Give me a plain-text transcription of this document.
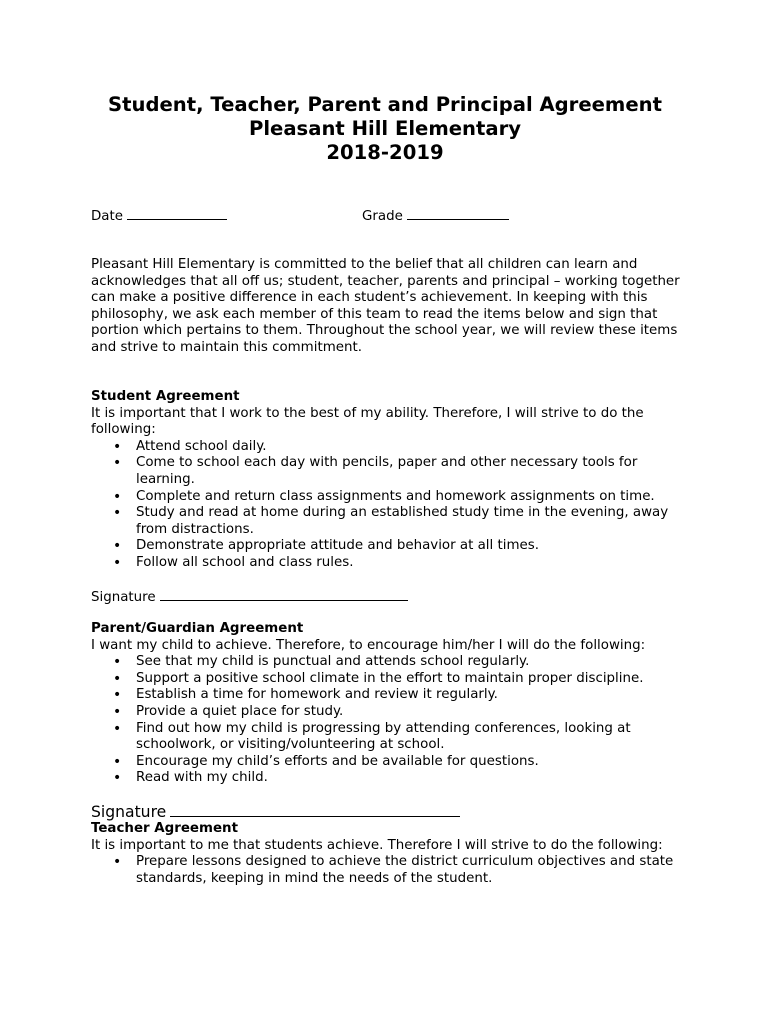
Student, Teacher, Parent and Principal Agreement
Pleasant Hill Elementary
2018-2019
Date	Grade
Pleasant Hill Elementary is committed to the belief that all children can learn and acknowledges that all off us; student, teacher, parents and principal – working together can make a positive difference in each student’s achievement. In keeping with this philosophy, we ask each member of this team to read the items below and sign that portion which pertains to them. Throughout the school year, we will review these items and strive to maintain this commitment.
Student Agreement
It is important that I work to the best of my ability. Therefore, I will strive to do the following:
• Attend school daily.
• Come to school each day with pencils, paper and other necessary tools for learning.
• Complete and return class assignments and homework assignments on time.
• Study and read at home during an established study time in the evening, away from distractions.
• Demonstrate appropriate attitude and behavior at all times.
• Follow all school and class rules.
Signature
Parent/Guardian Agreement
I want my child to achieve. Therefore, to encourage him/her I will do the following:
• See that my child is punctual and attends school regularly.
• Support a positive school climate in the effort to maintain proper discipline.
• Establish a time for homework and review it regularly.
• Provide a quiet place for study.
• Find out how my child is progressing by attending conferences, looking at schoolwork, or visiting/volunteering at school.
• Encourage my child’s efforts and be available for questions.
• Read with my child.
Signature
Teacher Agreement
It is important to me that students achieve. Therefore I will strive to do the following:
• Prepare lessons designed to achieve the district curriculum objectives and state standards, keeping in mind the needs of the student.
